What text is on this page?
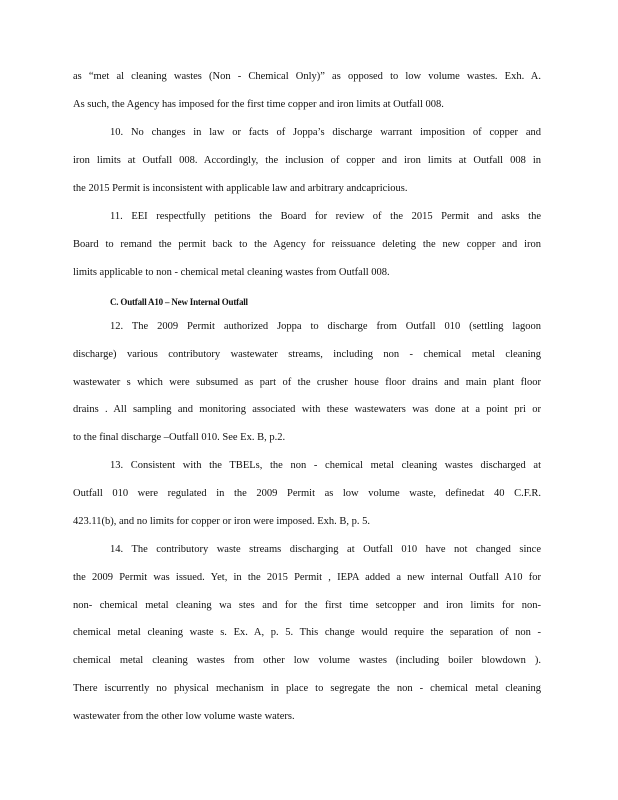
as “met al cleaning wastes (Non - Chemical Only)” as opposed to low volume wastes. Exh. A.
As such, the Agency has imposed for the first time copper and iron limits at Outfall 008.
10. No changes in law or facts of Joppa’s discharge warrant imposition of copper and
iron limits at Outfall 008. Accordingly, the inclusion of copper and iron limits at Outfall 008 in
the 2015 Permit is inconsistent with applicable law and arbitrary andcapricious.
11. EEI respectfully petitions the Board for review of the 2015 Permit and asks the
Board to remand the permit back to the Agency for reissuance deleting the new copper and iron
limits applicable to non - chemical metal cleaning wastes from Outfall 008.
C. Outfall A10 – New Internal Outfall
12. The 2009 Permit authorized Joppa to discharge from Outfall 010 (settling lagoon
discharge) various contributory wastewater streams, including non - chemical metal cleaning
wastewater s which were subsumed as part of the crusher house floor drains and main plant floor
drains . All sampling and monitoring associated with these wastewaters was done at a point pri or
to the final discharge –Outfall 010. See Ex. B, p.2.
13. Consistent with the TBELs, the non - chemical metal cleaning wastes discharged at
Outfall 010 were regulated in the 2009 Permit as low volume waste, definedat 40 C.F.R.
423.11(b), and no limits for copper or iron were imposed. Exh. B, p. 5.
14. The contributory waste streams discharging at Outfall 010 have not changed since
the 2009 Permit was issued. Yet, in the 2015 Permit , IEPA added a new internal Outfall A10 for
non- chemical metal cleaning wa stes and for the first time setcopper and iron limits for non-
chemical metal cleaning waste s. Ex. A, p. 5. This change would require the separation of non -
chemical metal cleaning wastes from other low volume wastes (including boiler blowdown ).
There iscurrently no physical mechanism in place to segregate the non - chemical metal cleaning
wastewater from the other low volume waste waters.
